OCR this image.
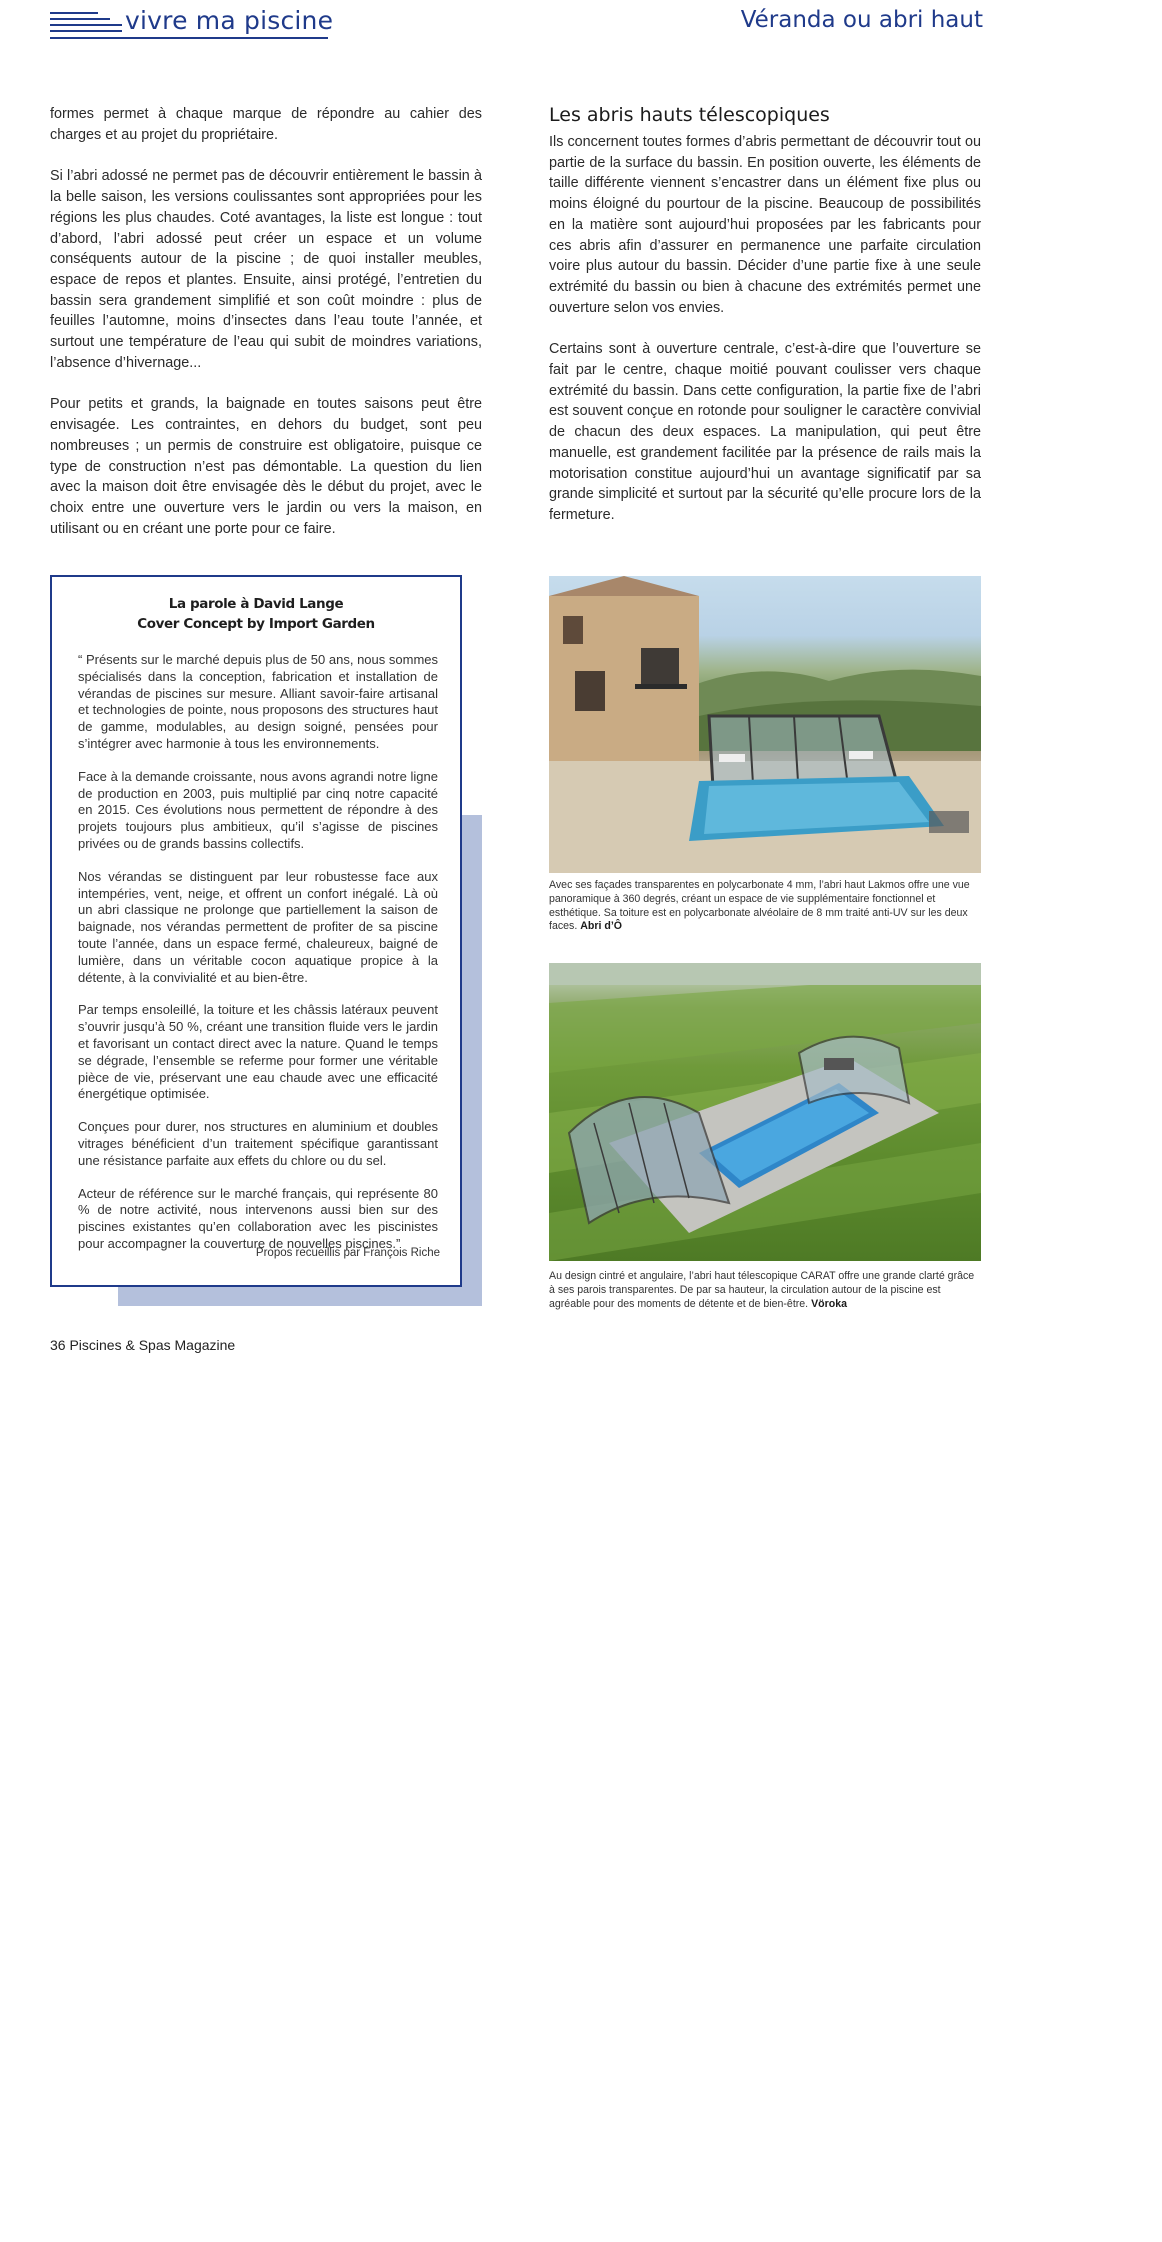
vivre ma piscine	Véranda ou abri haut

formes permet à chaque marque de répondre au cahier des charges et au projet du propriétaire.

Si l’abri adossé ne permet pas de découvrir entièrement le bassin à la belle saison, les versions coulissantes sont appropriées pour les régions les plus chaudes. Coté avantages, la liste est longue : tout d’abord, l’abri adossé peut créer un espace et un volume conséquents autour de la piscine ; de quoi installer meubles, espace de repos et plantes. Ensuite, ainsi protégé, l’entretien du bassin sera grandement simplifié et son coût moindre : plus de feuilles l’automne, moins d’insectes dans l’eau toute l’année, et surtout une température de l’eau qui subit de moindres variations, l’absence d’hivernage...

Pour petits et grands, la baignade en toutes saisons peut être envisagée. Les contraintes, en dehors du budget, sont peu nombreuses ; un permis de construire est obligatoire, puisque ce type de construction n’est pas démontable. La question du lien avec la maison doit être envisagée dès le début du projet, avec le choix entre une ouverture vers le jardin ou vers la maison, en utilisant ou en créant une porte pour ce faire.

Les abris hauts télescopiques

Ils concernent toutes formes d’abris permettant de découvrir tout ou partie de la surface du bassin. En position ouverte, les éléments de taille différente viennent s’encastrer dans un élément fixe plus ou moins éloigné du pourtour de la piscine. Beaucoup de possibilités en la matière sont aujourd’hui proposées par les fabricants pour ces abris afin d’assurer en permanence une parfaite circulation voire plus autour du bassin. Décider d’une partie fixe à une seule extrémité du bassin ou bien à chacune des extrémités permet une ouverture selon vos envies.

Certains sont à ouverture centrale, c’est-à-dire que l’ouverture se fait par le centre, chaque moitié pouvant coulisser vers chaque extrémité du bassin. Dans cette configuration, la partie fixe de l’abri est souvent conçue en rotonde pour souligner le caractère convivial de chacun des deux espaces. La manipulation, qui peut être manuelle, est grandement facilitée par la présence de rails mais la motorisation constitue aujourd’hui un avantage significatif par sa grande simplicité et surtout par la sécurité qu’elle procure lors de la fermeture.

La parole à David Lange
Cover Concept by Import Garden

“ Présents sur le marché depuis plus de 50 ans, nous sommes spécialisés dans la conception, fabrication et installation de vérandas de piscines sur mesure. Alliant savoir-faire artisanal et technologies de pointe, nous proposons des structures haut de gamme, modulables, au design soigné, pensées pour s’intégrer avec harmonie à tous les environnements.

Face à la demande croissante, nous avons agrandi notre ligne de production en 2003, puis multiplié par cinq notre capacité en 2015. Ces évolutions nous permettent de répondre à des projets toujours plus ambitieux, qu’il s’agisse de piscines privées ou de grands bassins collectifs.

Nos vérandas se distinguent par leur robustesse face aux intempéries, vent, neige, et offrent un confort inégalé. Là où un abri classique ne prolonge que partiellement la saison de baignade, nos vérandas permettent de profiter de sa piscine toute l’année, dans un espace fermé, chaleureux, baigné de lumière, dans un véritable cocon aquatique propice à la détente, à la convivialité et au bien-être.

Par temps ensoleillé, la toiture et les châssis latéraux peuvent s’ouvrir jusqu’à 50 %, créant une transition fluide vers le jardin et favorisant un contact direct avec la nature. Quand le temps se dégrade, l’ensemble se referme pour former une véritable pièce de vie, préservant une eau chaude avec une efficacité énergétique optimisée.

Conçues pour durer, nos structures en aluminium et doubles vitrages bénéficient d’un traitement spécifique garantissant une résistance parfaite aux effets du chlore ou du sel.

Acteur de référence sur le marché français, qui représente 80 % de notre activité, nous intervenons aussi bien sur des piscines existantes qu’en collaboration avec les piscinistes pour accompagner la couverture de nouvelles piscines.”

Propos recueillis par François Riche
Avec ses façades transparentes en polycarbonate 4 mm, l’abri haut Lakmos offre une vue panoramique à 360 degrés, créant un espace de vie supplémentaire fonctionnel et esthétique. Sa toiture est en polycarbonate alvéolaire de 8 mm traité anti-UV sur les deux faces. Abri d’Ô
Photo : Aménagements Riche
Au design cintré et angulaire, l’abri haut télescopique CARAT offre une grande clarté grâce à ses parois transparentes. De par sa hauteur, la circulation autour de la piscine est agréable pour des moments de détente et de bien-être. Vöroka
36 Piscines & Spas Magazine
